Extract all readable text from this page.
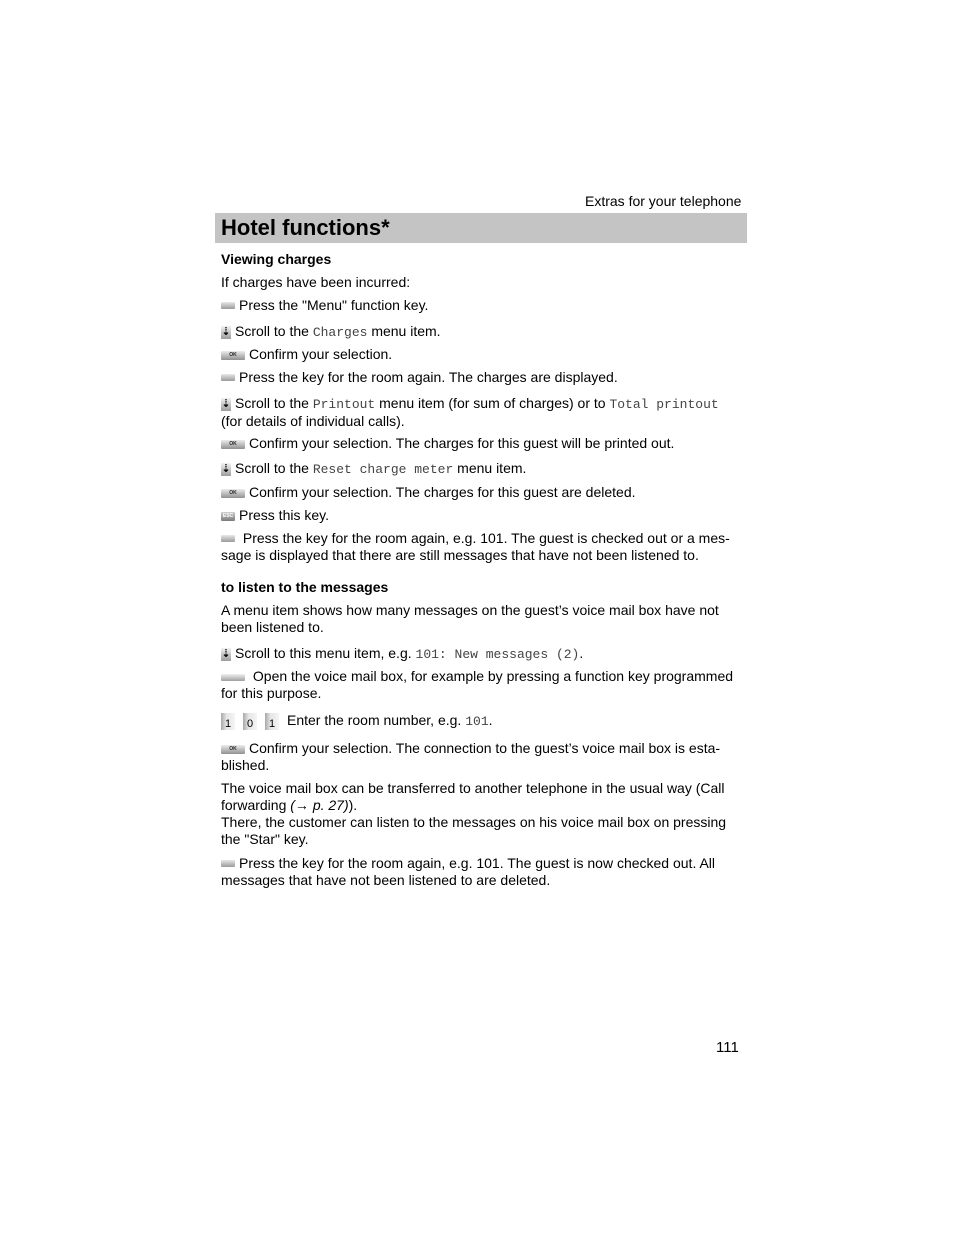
Extras for your telephone
Hotel functions*
Viewing charges
If charges have been incurred:
Press the "Menu" function key.
⇣ Scroll to the Charges menu item.
OK Confirm your selection.
Press the key for the room again. The charges are displayed.
⇣ Scroll to the Printout menu item (for sum of charges) or to Total printout
(for details of individual calls).
OK Confirm your selection. The charges for this guest will be printed out.
⇣ Scroll to the Reset charge meter menu item.
OK Confirm your selection. The charges for this guest are deleted.
ESC Press this key.
Press the key for the room again, e.g. 101. The guest is checked out or a mes-
sage is displayed that there are still messages that have not been listened to.
to listen to the messages
A menu item shows how many messages on the guest’s voice mail box have not
been listened to.
⇣ Scroll to this menu item, e.g. 101: New messages (2).
Open the voice mail box, for example by pressing a function key programmed
for this purpose.
1 0 1 Enter the room number, e.g. 101.
OK Confirm your selection. The connection to the guest’s voice mail box is esta-
blished.
The voice mail box can be transferred to another telephone in the usual way (Call
forwarding (→ p. 27)).
There, the customer can listen to the messages on his voice mail box on pressing
the "Star" key.
Press the key for the room again, e.g. 101. The guest is now checked out. All
messages that have not been listened to are deleted.
111
